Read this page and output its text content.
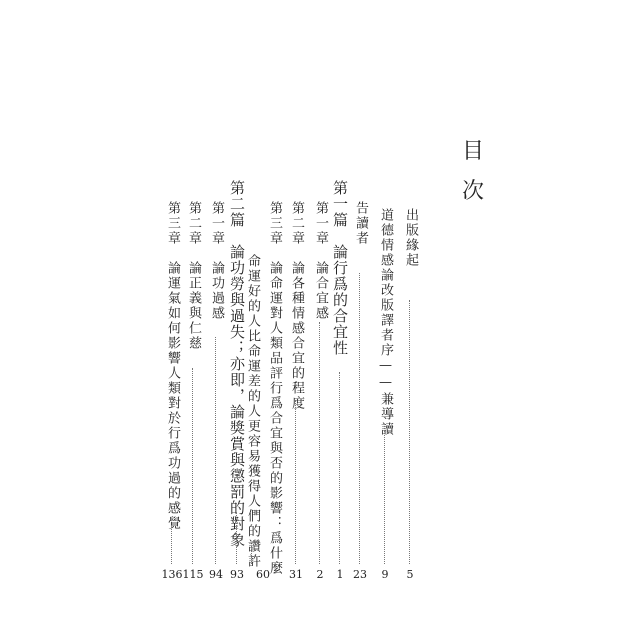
目
次
出版緣起
5
道德情感論改版譯者序——兼導讀
9
告讀者
23
第一篇　論行爲的合宜性
1
第一章　論合宜感
2
第二章　論各種情感合宜的程度
31
第三章　論命運對人類品評行爲合宜與否的影響：爲什麼
命運好的人比命運差的人更容易獲得人們的讚許
60
第二篇　論功勞與過失；亦即，論獎賞與懲罰的對象
93
第一章　論功過感
94
第二章　論正義與仁慈
115
第三章　論運氣如何影響人類對於行爲功過的感覺
136
